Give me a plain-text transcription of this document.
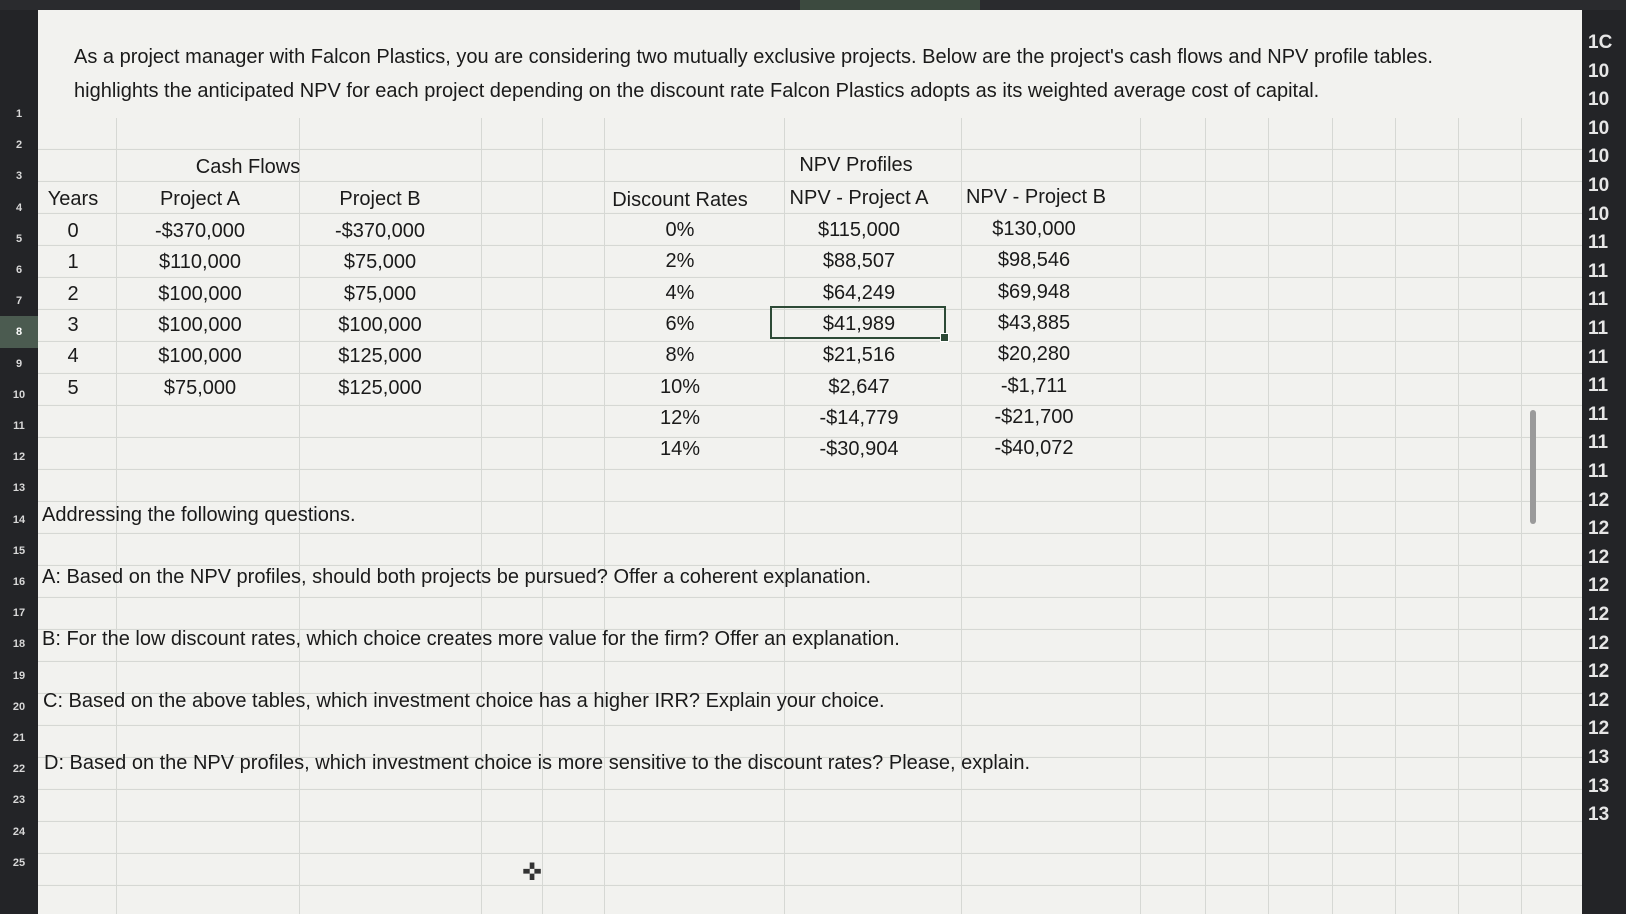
1
2
3
4
5
6
7
8
9
10
11
12
13
14
15
16
17
18
19
20
21
22
23
24
25
As a project manager with Falcon Plastics, you are considering two mutually exclusive projects. Below are the project's cash flows and NPV profile tables.
highlights the anticipated NPV for each project depending on the discount rate Falcon Plastics adopts as its weighted average cost of capital.
Cash Flows
Years	Project A	Project B
0	-$370,000	-$370,000
1	$110,000	$75,000
2	$100,000	$75,000
3	$100,000	$100,000
4	$100,000	$125,000
5	$75,000	$125,000
NPV Profiles
Discount Rates	NPV - Project A	NPV - Project B
0%	$115,000	$130,000
2%	$88,507	$98,546
4%	$64,249	$69,948
6%	$41,989	$43,885
8%	$21,516	$20,280
10%	$2,647	-$1,711
12%	-$14,779	-$21,700
14%	-$30,904	-$40,072
Addressing the following questions.
A: Based on the NPV profiles, should both projects be pursued? Offer a coherent explanation.
B: For the low discount rates, which choice creates more value for the firm? Offer an explanation.
C: Based on the above tables, which investment choice has a higher IRR? Explain your choice.
D: Based on the NPV profiles, which investment choice is more sensitive to the discount rates? Please, explain.
1C
10
10
10
10
10
10
11
11
11
11
11
11
11
11
11
12
12
12
12
12
12
12
12
12
13
13
13
✜
